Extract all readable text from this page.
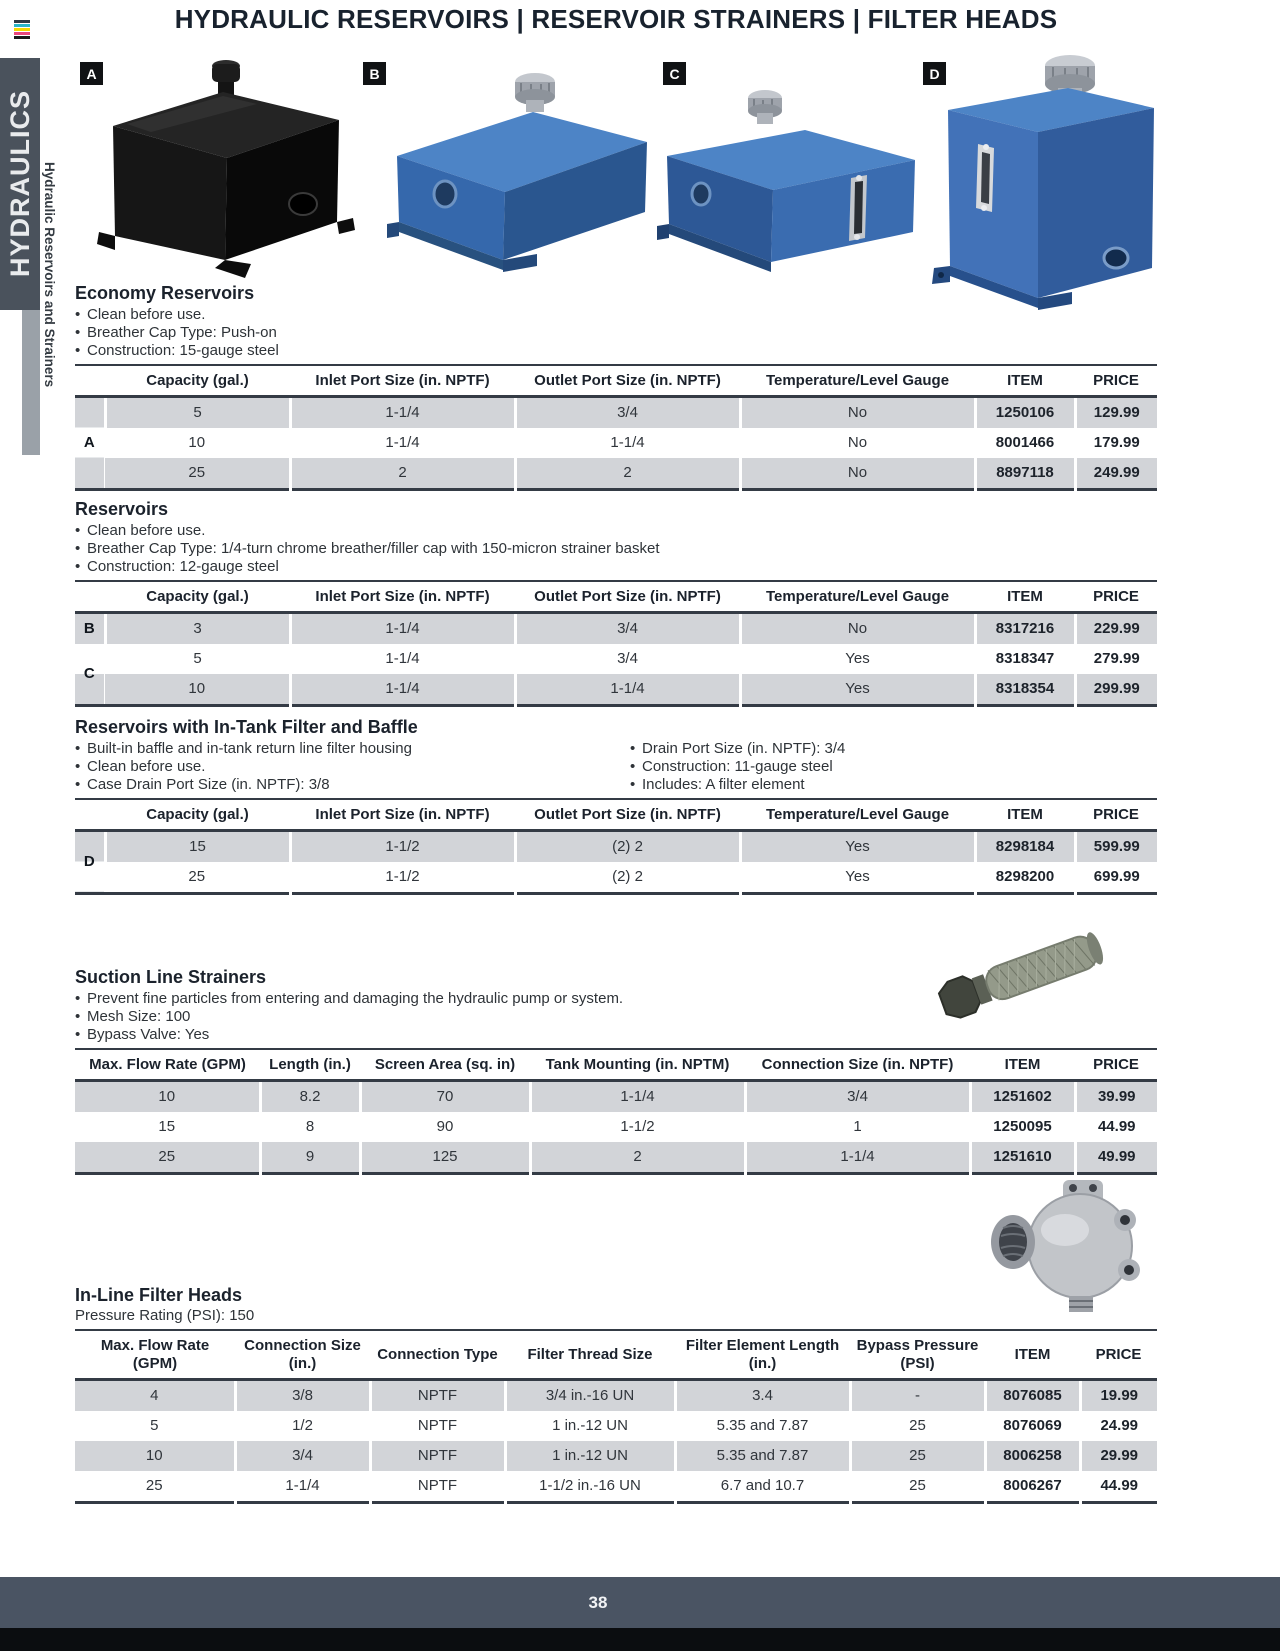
HYDRAULIC RESERVOIRS | RESERVOIR STRAINERS | FILTER HEADS
HYDRAULICS Hydraulic Reservoirs and Strainers
A	B	C	D
Economy Reservoirs
• Clean before use.
• Breather Cap Type: Push-on
• Construction: 15-gauge steel
	Capacity (gal.)	Inlet Port Size (in. NPTF)	Outlet Port Size (in. NPTF)	Temperature/Level Gauge	ITEM	PRICE
A	5	1-1/4	3/4	No	1250106	129.99
	10	1-1/4	1-1/4	No	8001466	179.99
	25	2	2	No	8897118	249.99
Reservoirs
• Clean before use.
• Breather Cap Type: 1/4-turn chrome breather/filler cap with 150-micron strainer basket
• Construction: 12-gauge steel
	Capacity (gal.)	Inlet Port Size (in. NPTF)	Outlet Port Size (in. NPTF)	Temperature/Level Gauge	ITEM	PRICE
B	3	1-1/4	3/4	No	8317216	229.99
C	5	1-1/4	3/4	Yes	8318347	279.99
	10	1-1/4	1-1/4	Yes	8318354	299.99
Reservoirs with In-Tank Filter and Baffle
• Built-in baffle and in-tank return line filter housing
• Clean before use.
• Case Drain Port Size (in. NPTF): 3/8
• Drain Port Size (in. NPTF): 3/4
• Construction: 11-gauge steel
• Includes: A filter element
	Capacity (gal.)	Inlet Port Size (in. NPTF)	Outlet Port Size (in. NPTF)	Temperature/Level Gauge	ITEM	PRICE
D	15	1-1/2	(2) 2	Yes	8298184	599.99
	25	1-1/2	(2) 2	Yes	8298200	699.99
Suction Line Strainers
• Prevent fine particles from entering and damaging the hydraulic pump or system.
• Mesh Size: 100
• Bypass Valve: Yes
Max. Flow Rate (GPM)	Length (in.)	Screen Area (sq. in)	Tank Mounting (in. NPTM)	Connection Size (in. NPTF)	ITEM	PRICE
10	8.2	70	1-1/4	3/4	1251602	39.99
15	8	90	1-1/2	1	1250095	44.99
25	9	125	2	1-1/4	1251610	49.99
In-Line Filter Heads
Pressure Rating (PSI): 150
Max. Flow Rate (GPM)	Connection Size (in.)	Connection Type	Filter Thread Size	Filter Element Length (in.)	Bypass Pressure (PSI)	ITEM	PRICE
4	3/8	NPTF	3/4 in.-16 UN	3.4	-	8076085	19.99
5	1/2	NPTF	1 in.-12 UN	5.35 and 7.87	25	8076069	24.99
10	3/4	NPTF	1 in.-12 UN	5.35 and 7.87	25	8006258	29.99
25	1-1/4	NPTF	1-1/2 in.-16 UN	6.7 and 10.7	25	8006267	44.99
38
